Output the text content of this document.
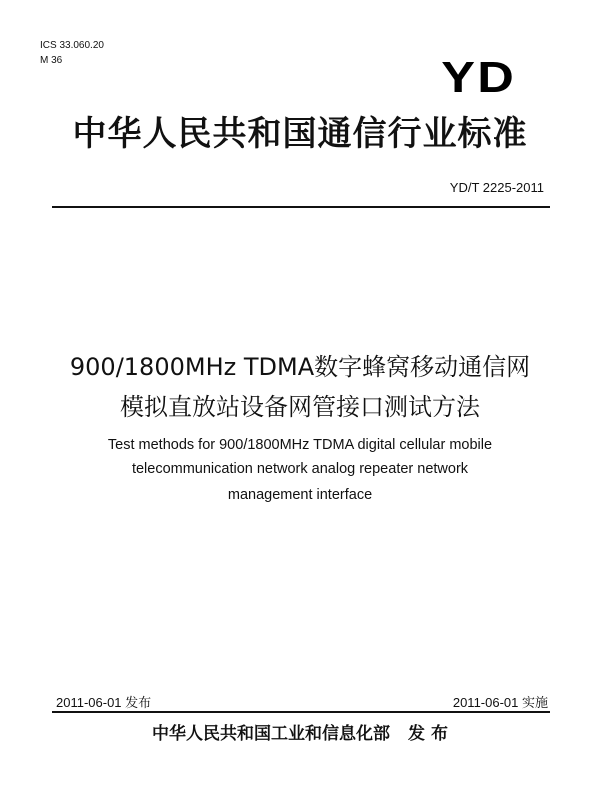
ICS 33.060.20
M 36	YD
中华人民共和国通信行业标准
YD/T 2225-2011
900/1800MHz TDMA数字蜂窝移动通信网
模拟直放站设备网管接口测试方法
Test methods for 900/1800MHz TDMA digital cellular mobile
telecommunication network analog repeater network
management interface
2011-06-01 发布	2011-06-01 实施
中华人民共和国工业和信息化部 发 布
